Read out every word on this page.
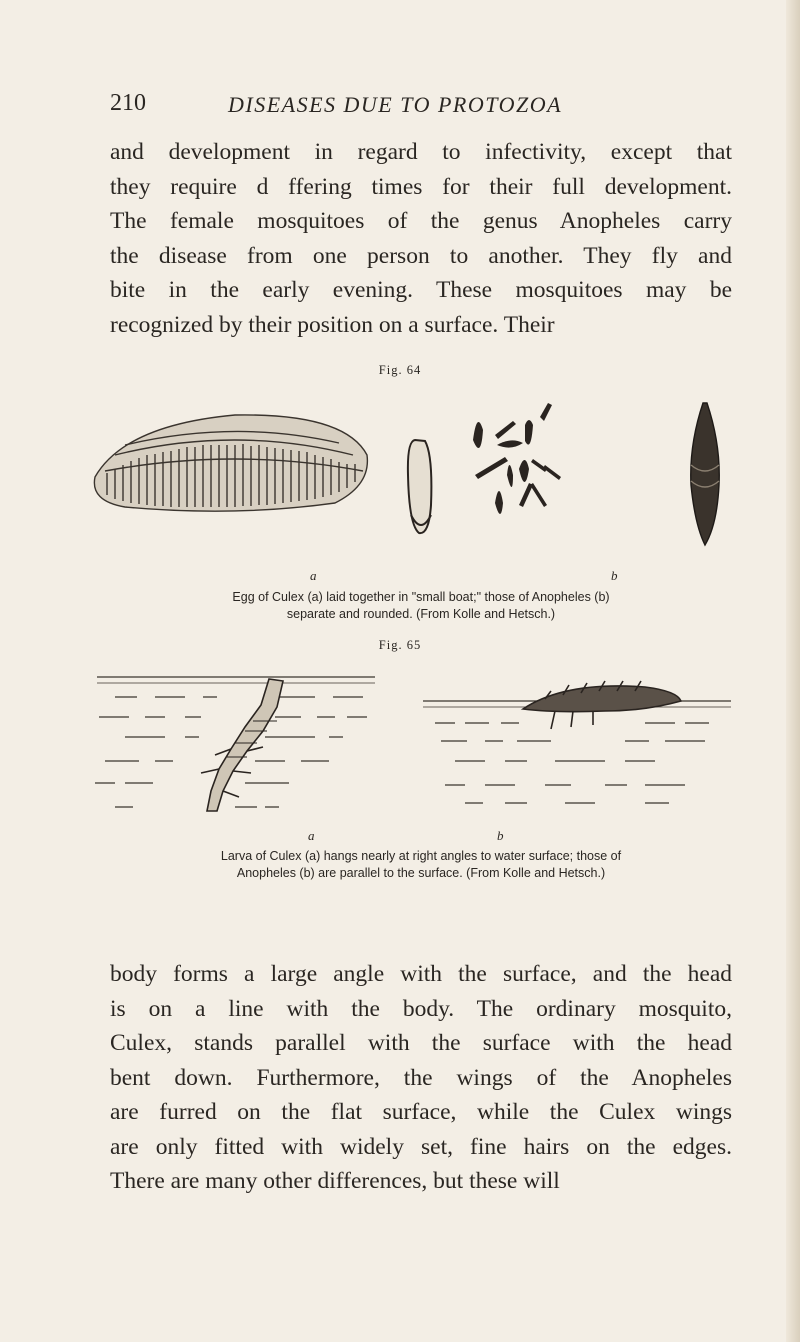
210	DISEASES DUE TO PROTOZOA

and development in regard to infectivity, except that
they require d ffering times for their full development.
The female mosquitoes of the genus Anopheles carry
the disease from one person to another. They fly and
bite in the early evening. These mosquitoes may be
recognized by their position on a surface. Their

Fig. 64
a	b
Egg of Culex (a) laid together in "small boat;" those of Anopheles (b)
separate and rounded. (From Kolle and Hetsch.)
Fig. 65
a	b
Larva of Culex (a) hangs nearly at right angles to water surface; those of
Anopheles (b) are parallel to the surface. (From Kolle and Hetsch.)

body forms a large angle with the surface, and the head
is on a line with the body. The ordinary mosquito,
Culex, stands parallel with the surface with the head
bent down. Furthermore, the wings of the Anopheles
are furred on the flat surface, while the Culex wings
are only fitted with widely set, fine hairs on the edges.
There are many other differences, but these will
